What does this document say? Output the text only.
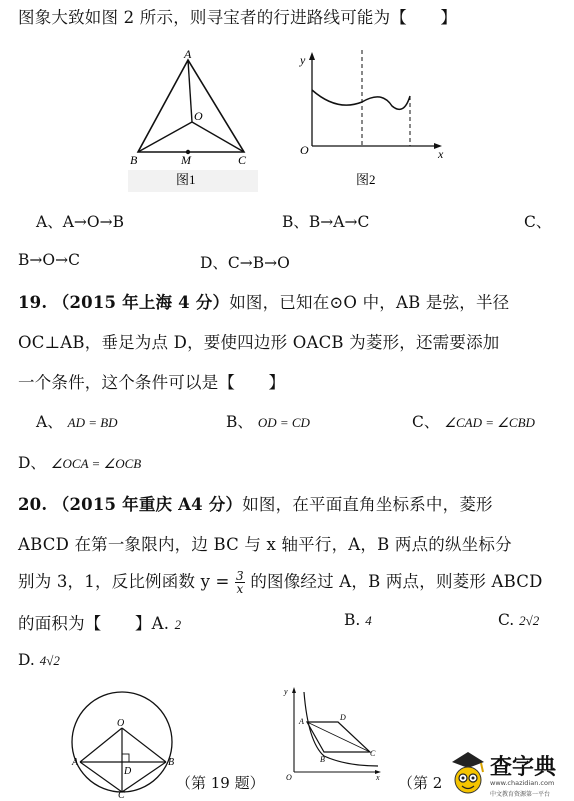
图象大致如图 2 所示，则寻宝者的行进路线可能为【　　】
A
O
B	M	C
图1
y
O	x
图2
A、A→O→B	B、B→A→C	C、
B→O→C	D、C→B→O
19. （2015 年上海 4 分）如图，已知在⊙O 中，AB 是弦，半径
OC⊥AB，垂足为点 D，要使四边形 OACB 为菱形，还需要添加
一个条件，这个条件可以是【　　】
A、 AD = BD	B、 OD = CD	C、 ∠CAD = ∠CBD
D、 ∠OCA = ∠OCB
20. （2015 年重庆 A4 分）如图，在平面直角坐标系中，菱形
ABCD 在第一象限内，边 BC 与 x 轴平行，A，B 两点的纵坐标分
别为 3，1，反比例函数 $y = \frac{3}{x}$ 的图像经过 A，B 两点，则菱形 ABCD
的面积为【　　】A. 2	B. 4	C. 2√2
D. 4√2
O
A	B
D
C
（第 19 题）
y
A	D
B
C
O	x （第 2
查字典
www.chazidian.com
中文教育资源第一平台
